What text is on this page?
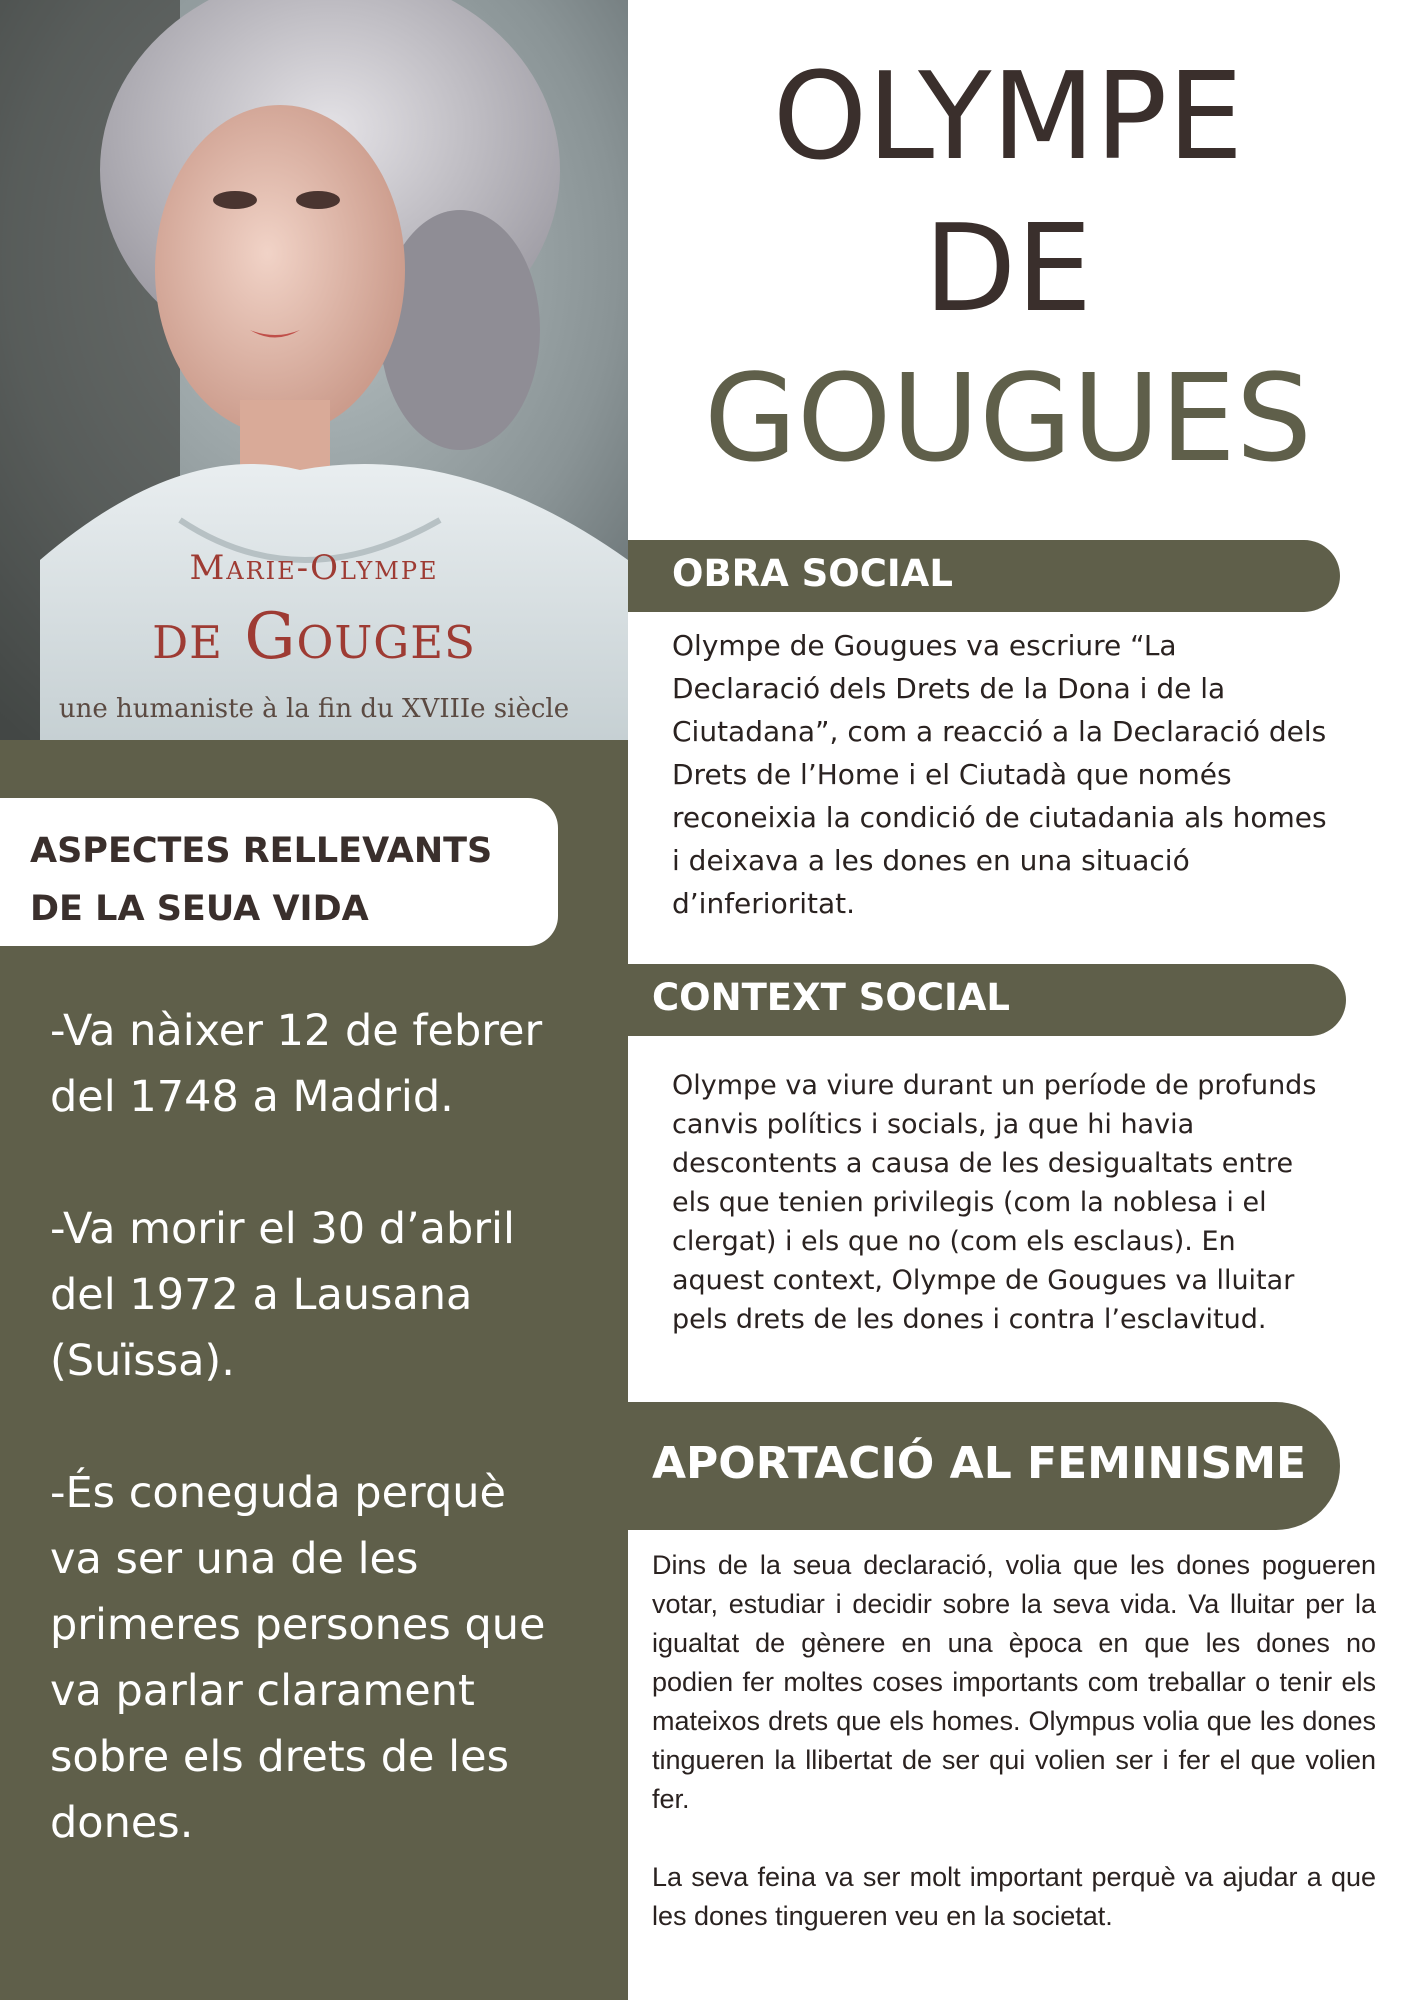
Marie-Olympe
de Gouges
une humaniste à la fin du XVIIIe siècle
ASPECTES RELLEVANTS DE LA SEUA VIDA

-Va nàixer 12 de febrer del 1748 a Madrid.

-Va morir el 30 d’abril del 1972 a Lausana (Suïssa).

-És coneguda perquè va ser una de les primeres persones que va parlar clarament sobre els drets de les dones.

OLYMPE
DE
GOUGUES
OBRA SOCIAL
Olympe de Gougues va escriure “La Declaració dels Drets de la Dona i de la Ciutadana”, com a reacció a la Declaració dels Drets de l’Home i el Ciutadà que només reconeixia la condició de ciutadania als homes i deixava a les dones en una situació d’inferioritat.
CONTEXT SOCIAL
Olympe va viure durant un període de profunds canvis polítics i socials, ja que hi havia descontents a causa de les desigualtats entre els que tenien privilegis (com la noblesa i el clergat) i els que no (com els esclaus). En aquest context, Olympe de Gougues va lluitar pels drets de les dones i contra l’esclavitud.
APORTACIÓ AL FEMINISME

Dins de la seua declaració, volia que les dones pogueren votar, estudiar i decidir sobre la seva vida. Va lluitar per la igualtat de gènere en una època en que les dones no podien fer moltes coses importants com treballar o tenir els mateixos drets que els homes. Olympus volia que les dones tingueren la llibertat de ser qui volien ser i fer el que volien fer.

La seva feina va ser molt important perquè va ajudar a que les dones tingueren veu en la societat.
